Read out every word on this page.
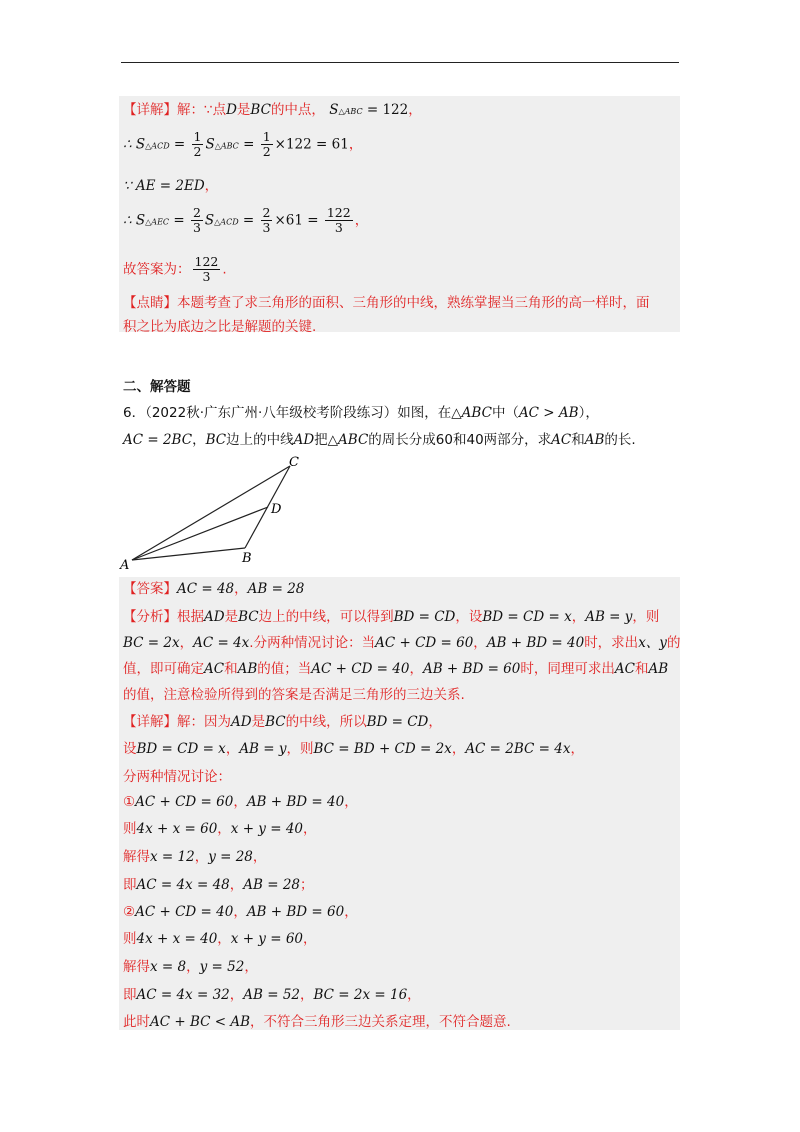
【详解】解：∵点D是BC的中点， S△ABC = 122，
∴ S△ACD = $\frac{1}{2}$ S△ABC = $\frac{1}{2} \times 122 = 61$，
∵ AE = 2ED，
∴ S△AEC = $\frac{2}{3}$ S△ACD = $\frac{2}{3} \times 61 = \frac{122}{3}$ ，
故答案为： $\frac{122}{3}$ .
【点睛】本题考查了求三角形的面积、三角形的中线，熟练掌握当三角形的高一样时，面
积之比为底边之比是解题的关键.
二、解答题
6．（2022秋·广东广州·八年级校考阶段练习）如图，在△ABC中（AC > AB），
AC = 2BC，BC边上的中线AD把△ABC的周长分成60和40两部分，求AC和AB的长.
A	B
C
D
【答案】AC = 48，AB = 28
【分析】根据AD是BC边上的中线，可以得到BD = CD，设BD = CD = x，AB = y，则
BC = 2x，AC = 4x.分两种情况讨论：当AC + CD = 60，AB + BD = 40时，求出x、y的
值，即可确定AC和AB的值；当AC + CD = 40，AB + BD = 60时，同理可求出AC和AB
的值，注意检验所得到的答案是否满足三角形的三边关系.
【详解】解：因为AD是BC的中线，所以BD = CD，
设BD = CD = x，AB = y，则BC = BD + CD = 2x，AC = 2BC = 4x，
分两种情况讨论：
①AC + CD = 60，AB + BD = 40，
则4x + x = 60，x + y = 40，
解得x = 12，y = 28，
即AC = 4x = 48，AB = 28；
②AC + CD = 40，AB + BD = 60，
则4x + x = 40，x + y = 60，
解得x = 8，y = 52，
即AC = 4x = 32，AB = 52，BC = 2x = 16，
此时AC + BC < AB，不符合三角形三边关系定理，不符合题意.
